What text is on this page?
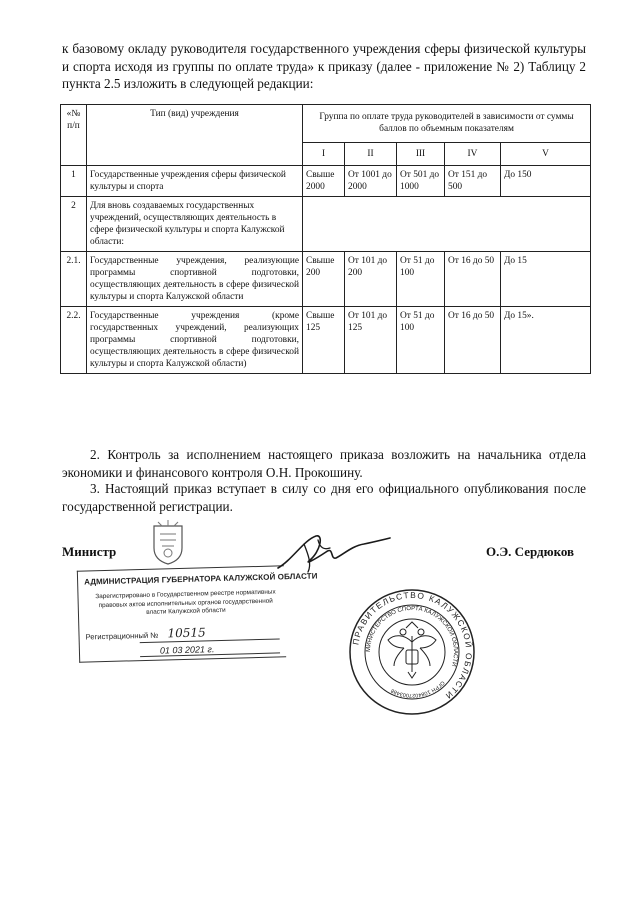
к базовому окладу руководителя государственного учреждения сферы физической культуры и спорта исходя из группы по оплате труда» к приказу (далее - приложение № 2) Таблицу 2 пункта 2.5 изложить в следующей редакции:
«№ п/п	Тип (вид) учреждения	Группа по оплате труда руководителей в зависимости от суммы баллов по объемным показателям				
		I	II	III	IV	V
1	Государственные учреждения сферы физической культуры и спорта	Свыше 2000	От 1001 до 2000	От 501 до 1000	От 151 до 500	До 150
2	Для вновь создаваемых государственных учреждений, осуществляющих деятельность в сфере физической культуры и спорта Калужской области:					
2.1.	Государственные учреждения, реализующие программы спортивной подготовки, осуществляющих деятельность в сфере физической культуры и спорта Калужской области	Свыше 200	От 101 до 200	От 51 до 100	От 16 до 50	До 15
2.2.	Государственные учреждения (кроме государственных учреждений, реализующих программы спортивной подготовки, осуществляющих деятельность в сфере физической культуры и спорта Калужской области)	Свыше 125	От 101 до 125	От 51 до 100	От 16 до 50	До 15».
2. Контроль за исполнением настоящего приказа возложить на начальника отдела экономики и финансового контроля О.Н. Прокошину.
3. Настоящий приказ вступает в силу со дня его официального опубликования после государственной регистрации.
Министр	О.Э. Сердюков
АДМИНИСТРАЦИЯ ГУБЕРНАТОРА КАЛУЖСКОЙ ОБЛАСТИ
Зарегистрировано в Государственном реестре нормативных правовых актов исполнительных органов государственной власти Калужской области
Регистрационный № 10515
01 03 2021 г.
ПРАВИТЕЛЬСТВО КАЛУЖСКОЙ ОБЛАСТИ
МИНИСТЕРСТВО СПОРТА КАЛУЖСКОЙ ОБЛАСТИ
ОГРН 1084027003488
